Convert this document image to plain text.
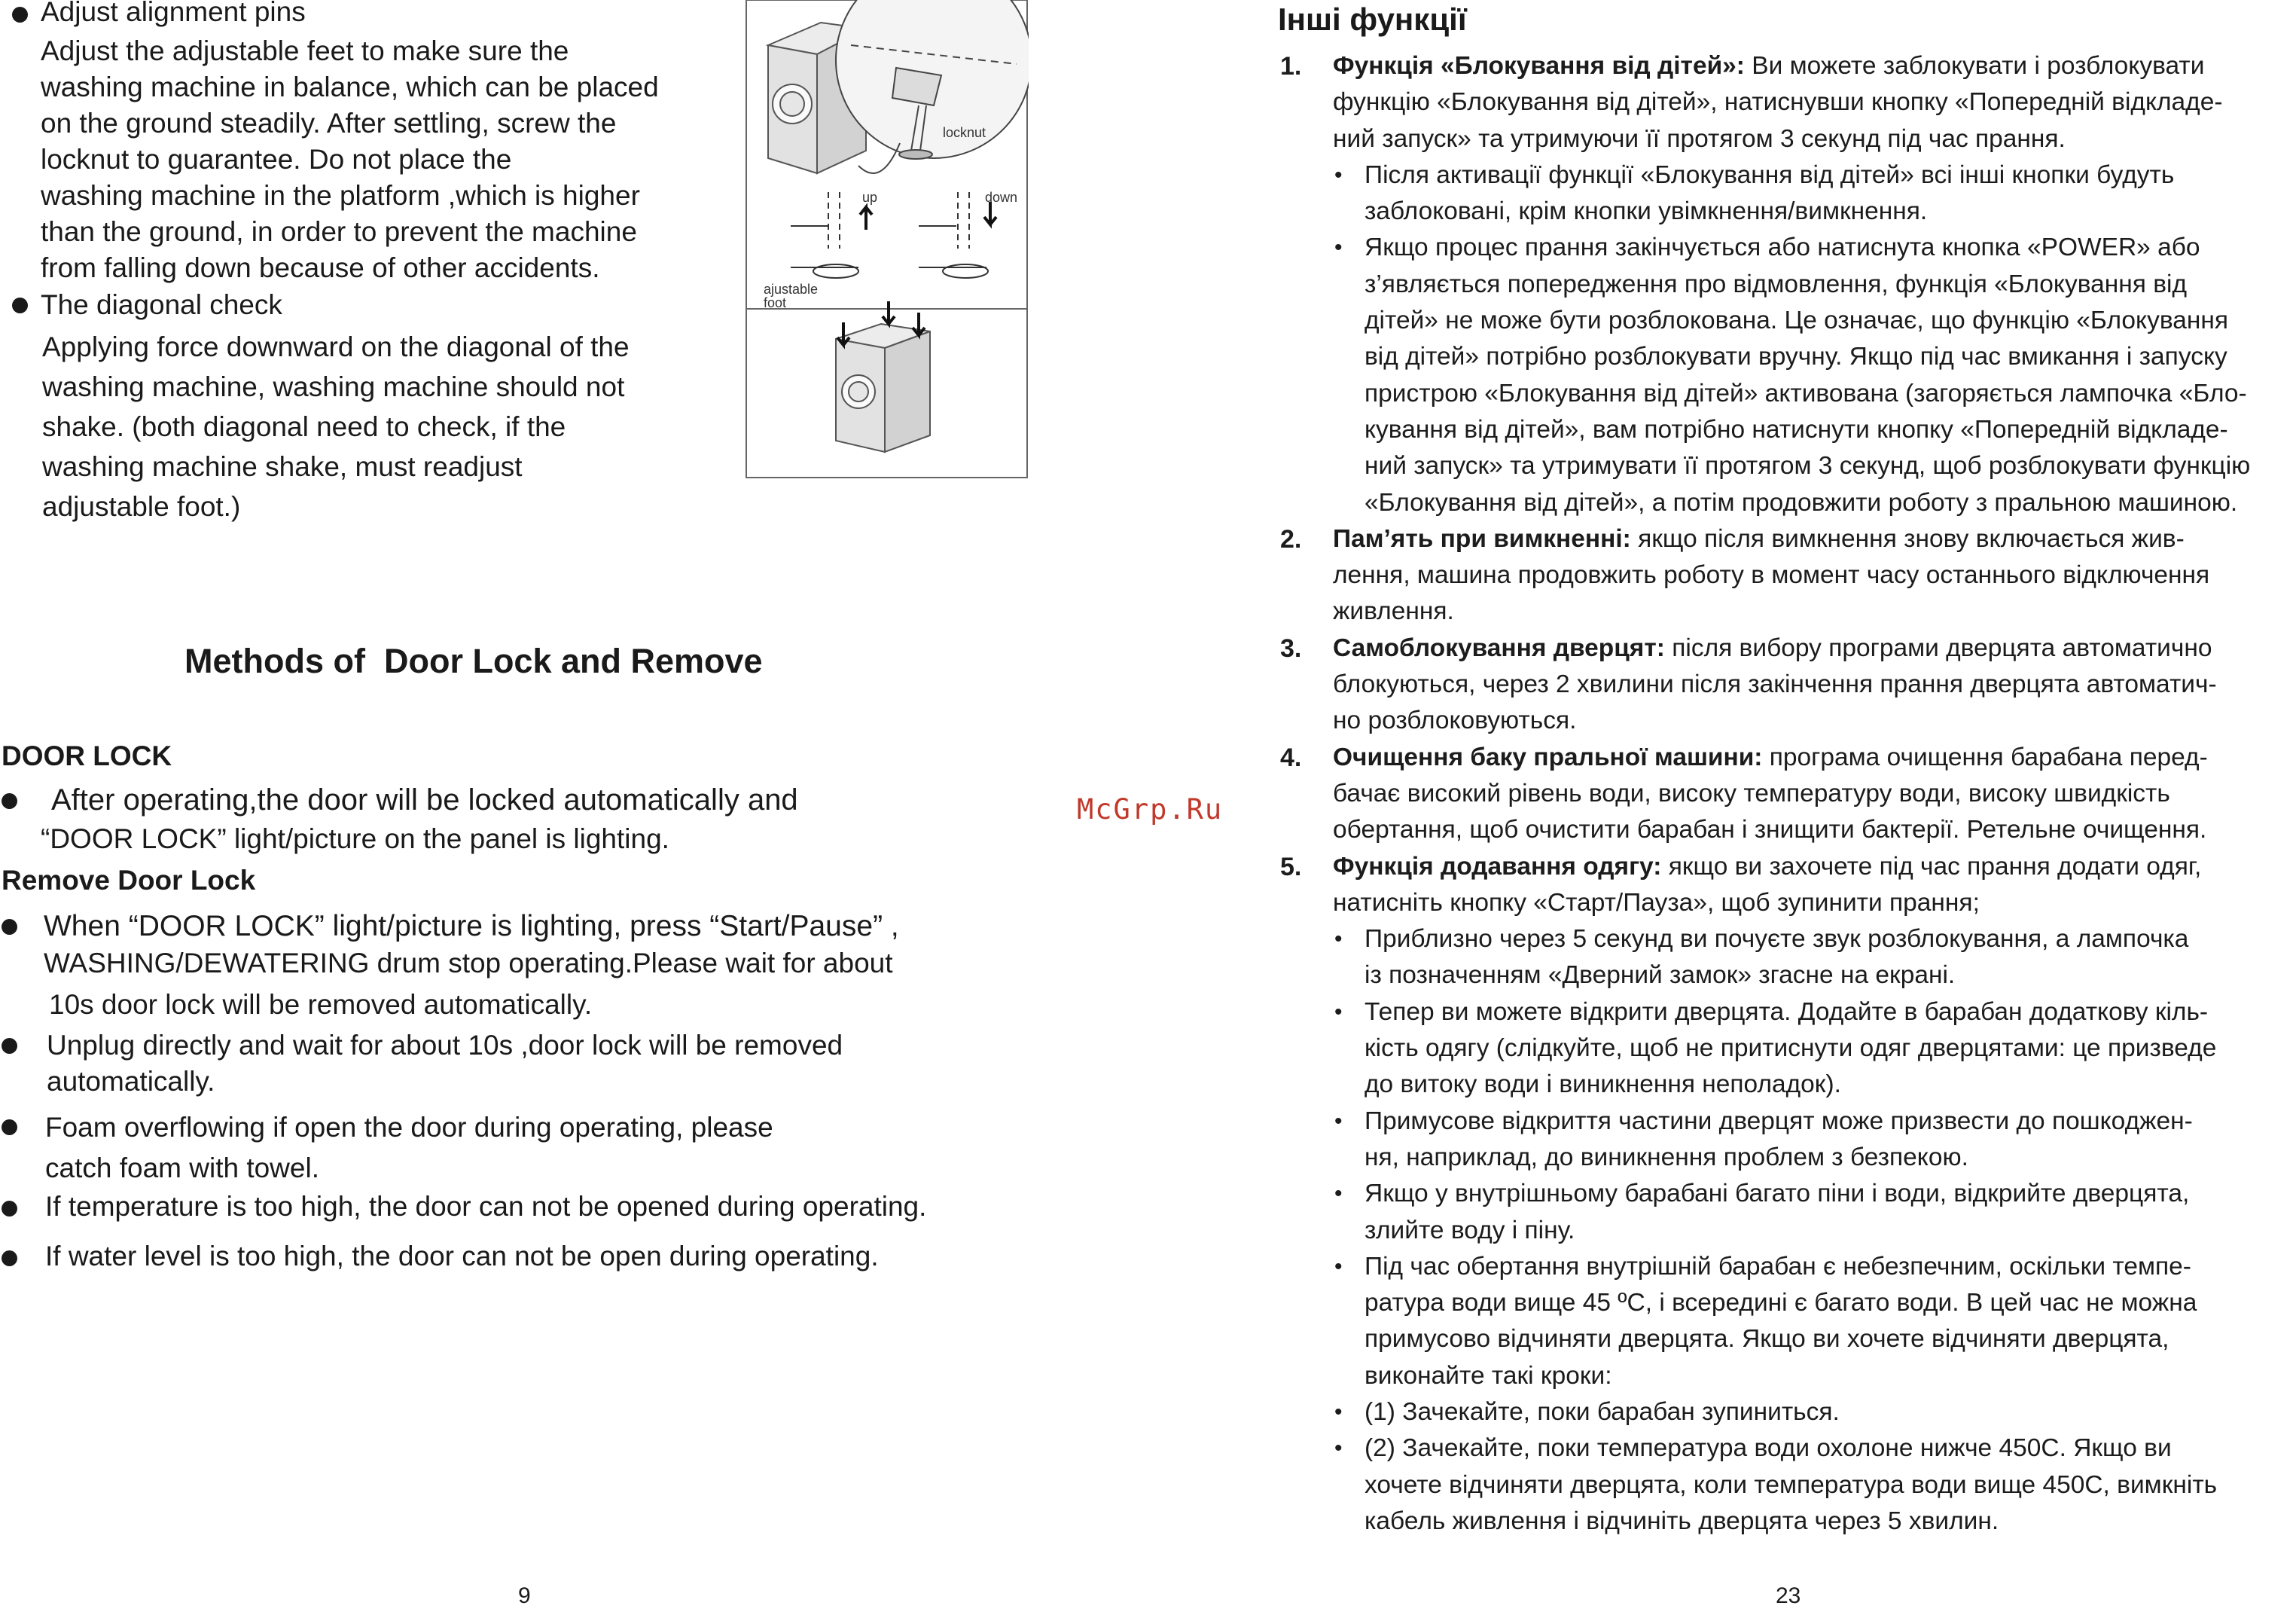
Adjust alignment pins
Adjust the adjustable feet to make sure the
washing machine in balance, which can be placed
on the ground steadily. After settling, screw the
locknut to guarantee. Do not place the
washing machine in the platform ,which is higher
than the ground, in order to prevent the machine
from falling down because of other accidents.
The diagonal check
Applying force downward on the diagonal of the
washing machine, washing machine should not
shake. (both diagonal need to check, if the
washing machine shake, must readjust
adjustable foot.)
locknut
up	down
ajustable
foot
Methods of  Door Lock and Remove
DOOR LOCK
After operating,the door will be locked automatically and
“DOOR LOCK” light/picture on the panel is lighting.
Remove Door Lock
When “DOOR LOCK” light/picture is lighting, press “Start/Pause” ,
WASHING/DEWATERING drum stop operating.Please wait for about
10s door lock will be removed automatically.
Unplug directly and wait for about 10s ,door lock will be removed
automatically.
Foam overflowing if open the door during operating, please
catch foam with towel.
If temperature is too high, the door can not be opened during operating.
If water level is too high, the door can not be open during operating.
9
McGrp.Ru
Інші функції
1. Функція «Блокування від дітей»: Ви можете заблокувати і розблокувати
функцію «Блокування від дітей», натиснувши кнопку «Попередній відкладе-
ний запуск» та утримуючи її протягом 3 секунд під час прання.
• Після активації функції «Блокування від дітей» всі інші кнопки будуть
заблоковані, крім кнопки увімкнення/вимкнення.
• Якщо процес прання закінчується або натиснута кнопка «POWER» або
з’являється попередження про відмовлення, функція «Блокування від
дітей» не може бути розблокована. Це означає, що функцію «Блокування
від дітей» потрібно розблокувати вручну. Якщо під час вмикання і запуску
пристрою «Блокування від дітей» активована (загоряється лампочка «Бло-
кування від дітей», вам потрібно натиснути кнопку «Попередній відкладе-
ний запуск» та утримувати її протягом 3 секунд, щоб розблокувати функцію
«Блокування від дітей», а потім продовжити роботу з пральною машиною.
2. Пам’ять при вимкненні: якщо після вимкнення знову включається жив-
лення, машина продовжить роботу в момент часу останнього відключення
живлення.
3. Самоблокування дверцят: після вибору програми дверцята автоматично
блокуються, через 2 хвилини після закінчення прання дверцята автоматич-
но розблоковуються.
4. Очищення баку пральної машини: програма очищення барабана перед-
бачає високий рівень води, високу температуру води, високу швидкість
обертання, щоб очистити барабан і знищити бактерії. Ретельне очищення.
5. Функція додавання одягу: якщо ви захочете під час прання додати одяг,
натисніть кнопку «Старт/Пауза», щоб зупинити прання;
• Приблизно через 5 секунд ви почуєте звук розблокування, а лампочка
із позначенням «Дверний замок» згасне на екрані.
• Тепер ви можете відкрити дверцята. Додайте в барабан додаткову кіль-
кість одягу (слідкуйте, щоб не притиснути одяг дверцятами: це призведе
до витоку води і виникнення неполадок).
• Примусове відкриття частини дверцят може призвести до пошкоджен-
ня, наприклад, до виникнення проблем з безпекою.
• Якщо у внутрішньому барабані багато піни і води, відкрийте дверцята,
злийте воду і піну.
• Під час обертання внутрішній барабан є небезпечним, оскільки темпе-
ратура води вище 45 ºC, і всередині є багато води. В цей час не можна
примусово відчиняти дверцята. Якщо ви хочете відчиняти дверцята,
виконайте такі кроки:
• (1) Зачекайте, поки барабан зупиниться.
• (2) Зачекайте, поки температура води охолоне нижче 450С. Якщо ви
хочете відчиняти дверцята, коли температура води вище 450С, вимкніть
кабель живлення і відчиніть дверцята через 5 хвилин.
23
